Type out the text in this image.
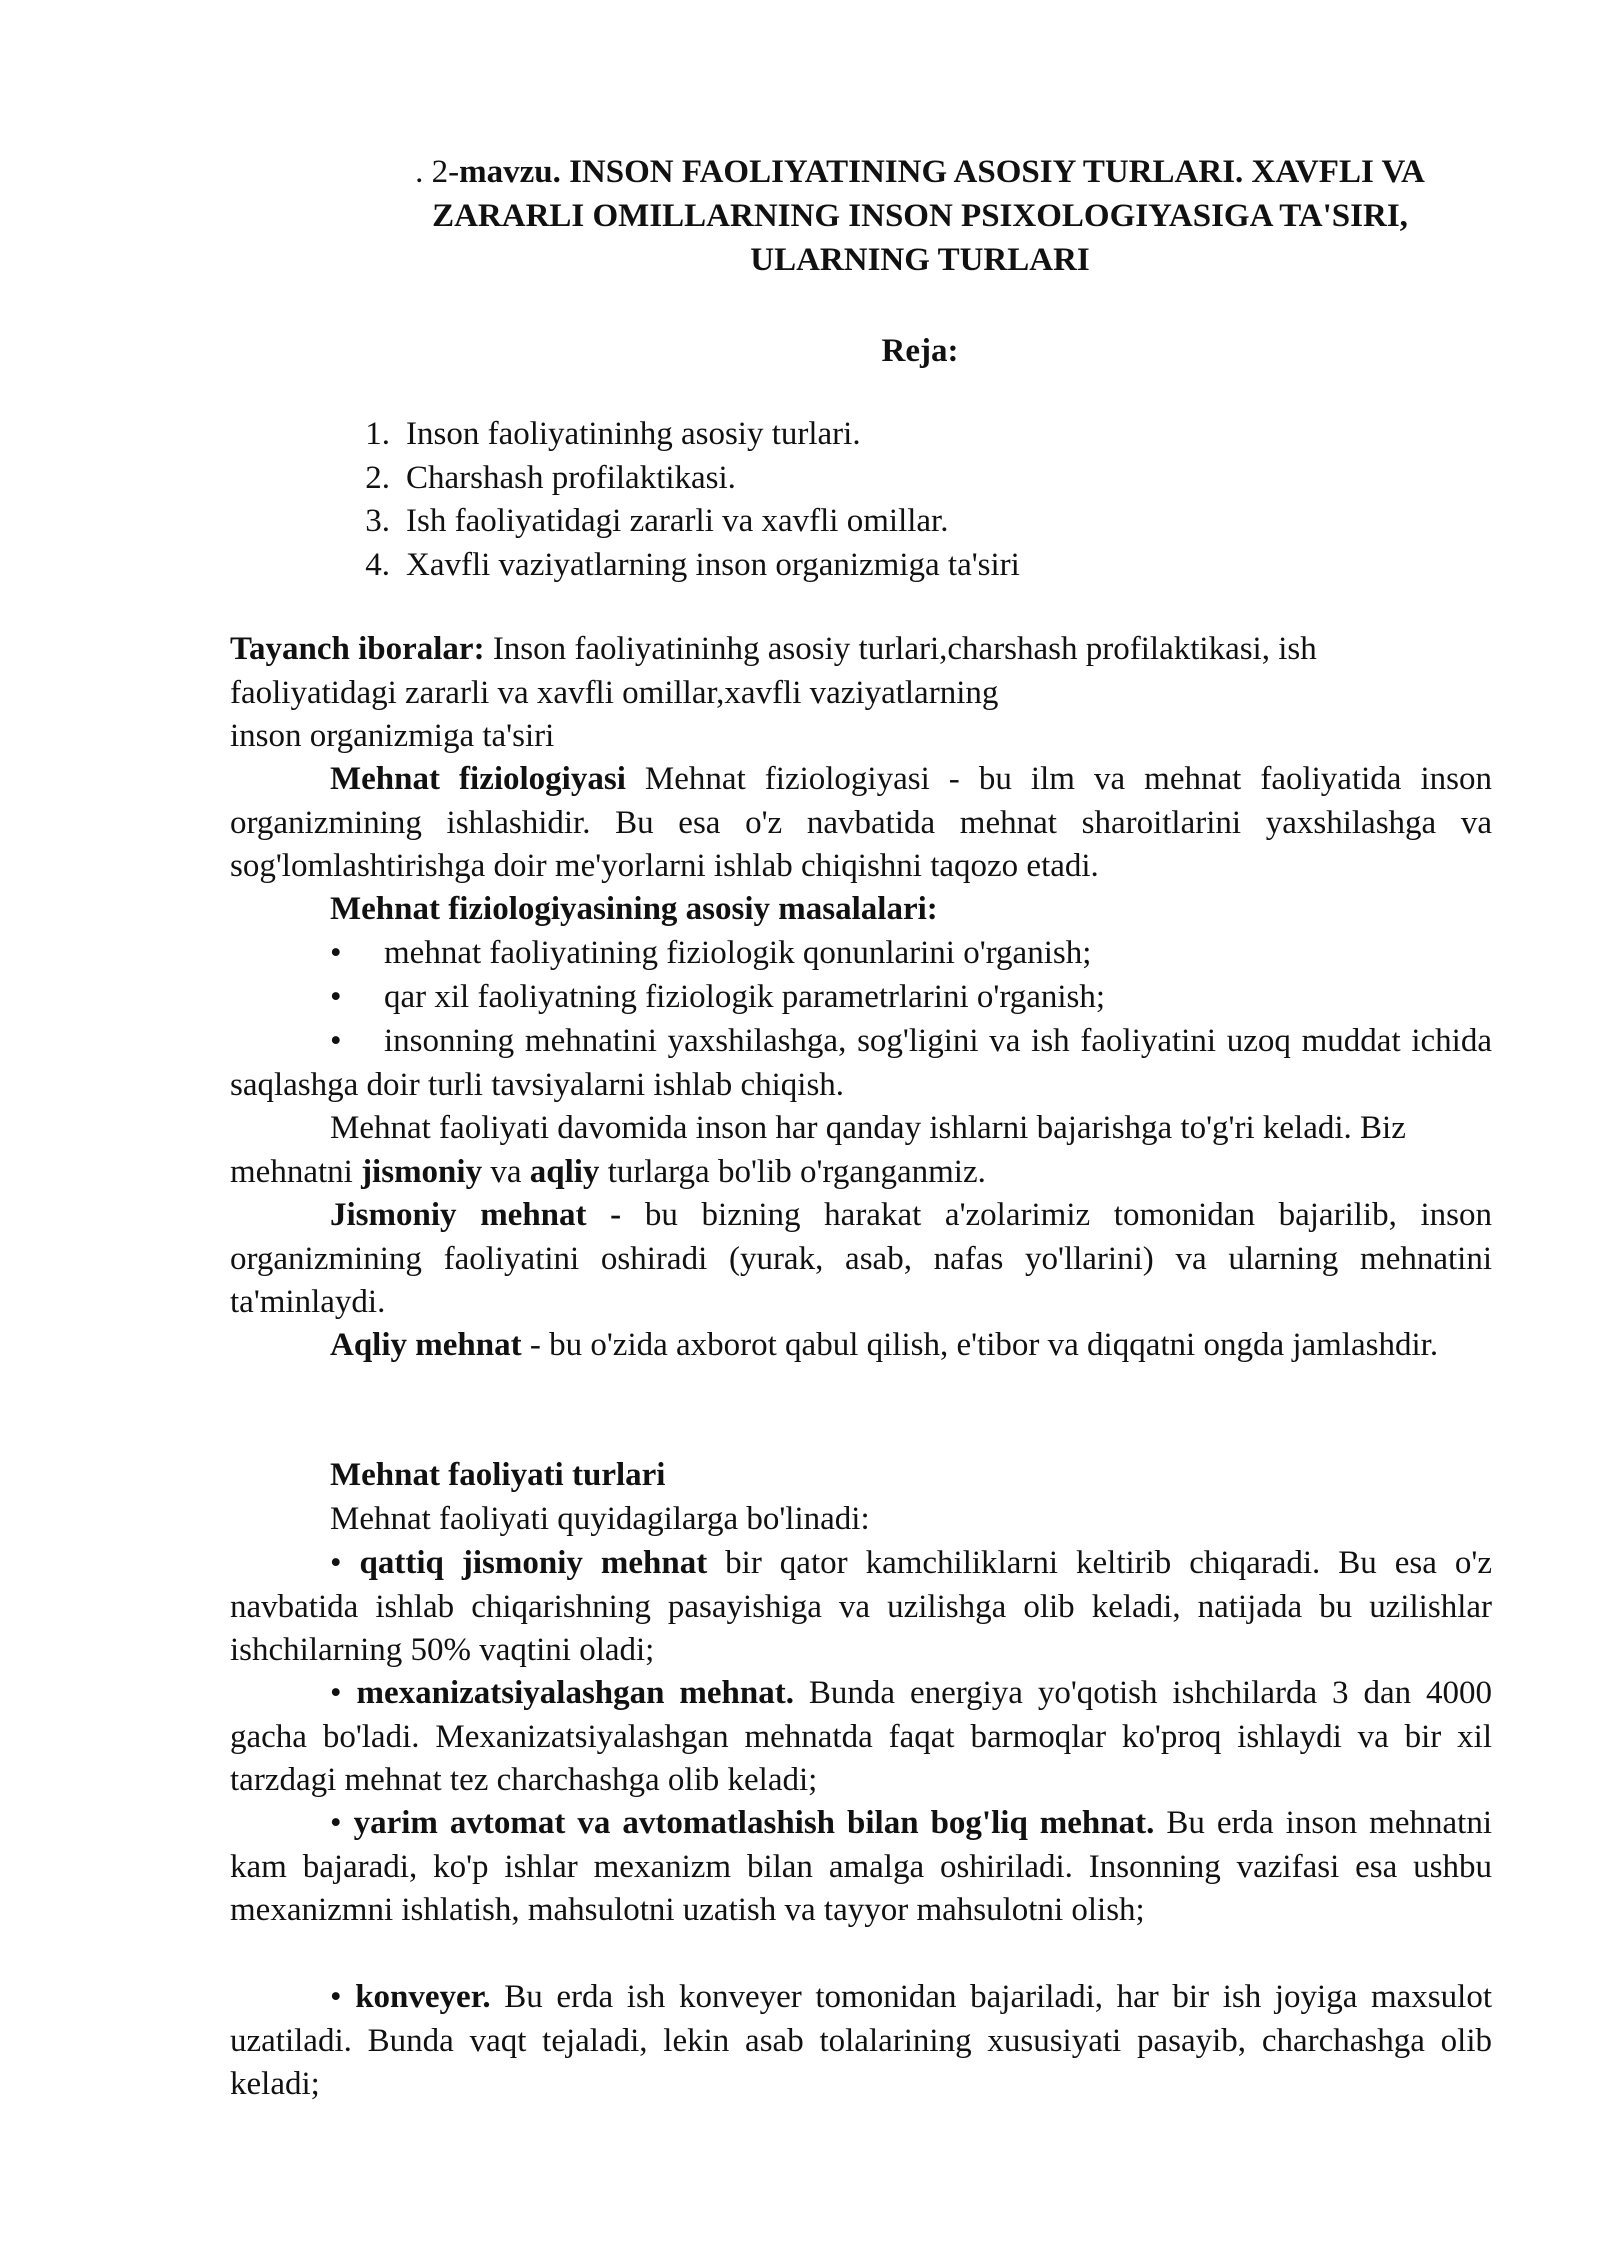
. 2-mavzu. INSON FAOLIYATINING ASOSIY TURLARI. XAVFLI VA ZARARLI OMILLARNING INSON PSIXOLOGIYASIGA TA'SIRI, ULARNING TURLARI
Reja:
1. Inson faoliyatininhg asosiy turlari.
2. Charshash profilaktikasi.
3. Ish faoliyatidagi zararli va xavfli omillar.
4. Xavfli vaziyatlarning inson organizmiga ta'siri
Tayanch iboralar: Inson faoliyatininhg asosiy turlari,charshash profilaktikasi, ish
faoliyatidagi zararli va xavfli omillar,xavfli vaziyatlarning
inson organizmiga ta'siri

Mehnat fiziologiyasi Mehnat fiziologiyasi - bu ilm va mehnat faoliyatida inson organizmining ishlashidir. Bu esa o'z navbatida mehnat sharoitlarini yaxshilashga va sog'lomlashtirishga doir me'yorlarni ishlab chiqishni taqozo etadi.

Mehnat fiziologiyasining asosiy masalalari:

• mehnat faoliyatining fiziologik qonunlarini o'rganish;
• qar xil faoliyatning fiziologik parametrlarini o'rganish;
• insonning mehnatini yaxshilashga, sog'ligini va ish faoliyatini uzoq muddat ichida saqlashga doir turli tavsiyalarni ishlab chiqish.

Mehnat faoliyati davomida inson har qanday ishlarni bajarishga to'g'ri keladi. Biz mehnatni jismoniy va aqliy turlarga bo'lib o'rganganmiz.

Jismoniy mehnat - bu bizning harakat a'zolarimiz tomonidan bajarilib, inson organizmining faoliyatini oshiradi (yurak, asab, nafas yo'llarini) va ularning mehnatini ta'minlaydi.

Aqliy mehnat - bu o'zida axborot qabul qilish, e'tibor va diqqatni ongda jamlashdir.

Mehnat faoliyati turlari

Mehnat faoliyati quyidagilarga bo'linadi:

• qattiq jismoniy mehnat bir qator kamchiliklarni keltirib chiqaradi. Bu esa o'z navbatida ishlab chiqarishning pasayishiga va uzilishga olib keladi, natijada bu uzilishlar ishchilarning 50% vaqtini oladi;

• mexanizatsiyalashgan mehnat. Bunda energiya yo'qotish ishchilarda 3 dan 4000 gacha bo'ladi. Mexanizatsiyalashgan mehnatda faqat barmoqlar ko'proq ishlaydi va bir xil tarzdagi mehnat tez charchashga olib keladi;

• yarim avtomat va avtomatlashish bilan bog'liq mehnat. Bu erda inson mehnatni kam bajaradi, ko'p ishlar mexanizm bilan amalga oshiriladi. Insonning vazifasi esa ushbu mexanizmni ishlatish, mahsulotni uzatish va tayyor mahsulotni olish;

• konveyer. Bu erda ish konveyer tomonidan bajariladi, har bir ish joyiga maxsulot uzatiladi. Bunda vaqt tejaladi, lekin asab tolalarining xususiyati pasayib, charchashga olib keladi;
